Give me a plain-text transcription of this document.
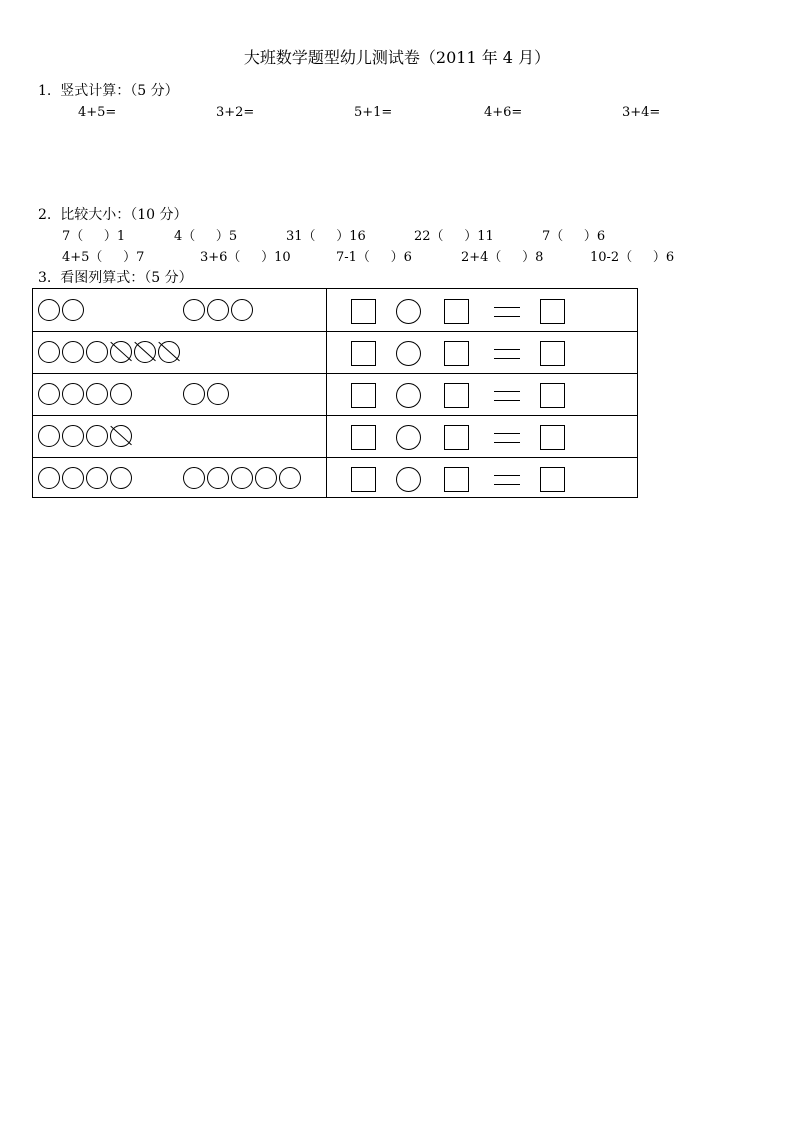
大班数学题型幼儿测试卷（2011 年 4 月）
1.  竖式计算：（5 分）
4+5=	3+2=	5+1=	4+6=	3+4=
2.  比较大小：（10 分）
7（     ）1	4（     ）5	31（     ）16	22（     ）11	7（     ）6
4+5（     ）7	3+6（     ）10	7-1（     ）6	2+4（     ）8	10-2（     ）6
3.  看图列算式：（5 分）
